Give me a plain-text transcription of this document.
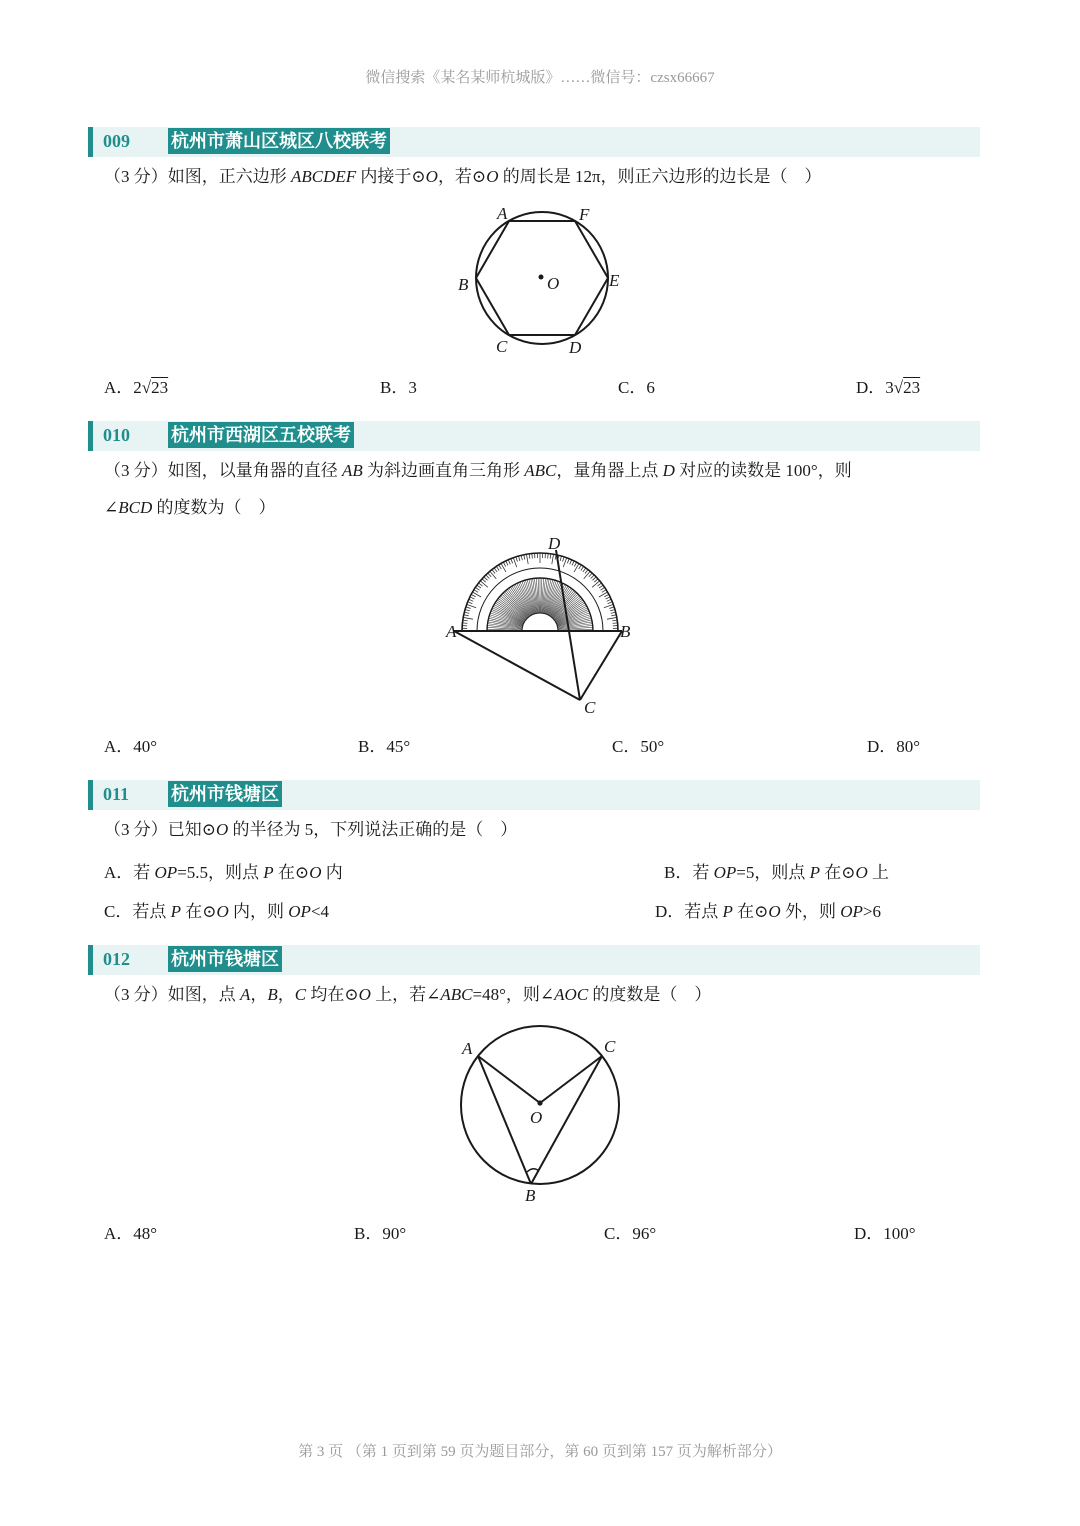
微信搜索《某名某师杭城版》……微信号：czsx66667
009 杭州市萧山区城区八校联考
（3 分）如图，正六边形 ABCDEF 内接于⊙O，若⊙O 的周长是 12π，则正六边形的边长是（　）
A	F
B	O	E
C	D
A．2√23	B．3	C．6	D．3√23
010 杭州市西湖区五校联考
（3 分）如图，以量角器的直径 AB 为斜边画直角三角形 ABC，量角器上点 D 对应的读数是 100°，则
∠BCD 的度数为（　）
D
A	B
C
A．40°	B．45°	C．50°	D．80°
011 杭州市钱塘区
（3 分）已知⊙O 的半径为 5，下列说法正确的是（　）
A．若 OP=5.5，则点 P 在⊙O 内	B．若 OP=5，则点 P 在⊙O 上
C．若点 P 在⊙O 内，则 OP<4	D．若点 P 在⊙O 外，则 OP>6
012 杭州市钱塘区
（3 分）如图，点 A，B，C 均在⊙O 上，若∠ABC=48°，则∠AOC 的度数是（　）
A	C
O
B
A．48°	B．90°	C．96°	D．100°
第 3 页 （第 1 页到第 59 页为题目部分，第 60 页到第 157 页为解析部分）
